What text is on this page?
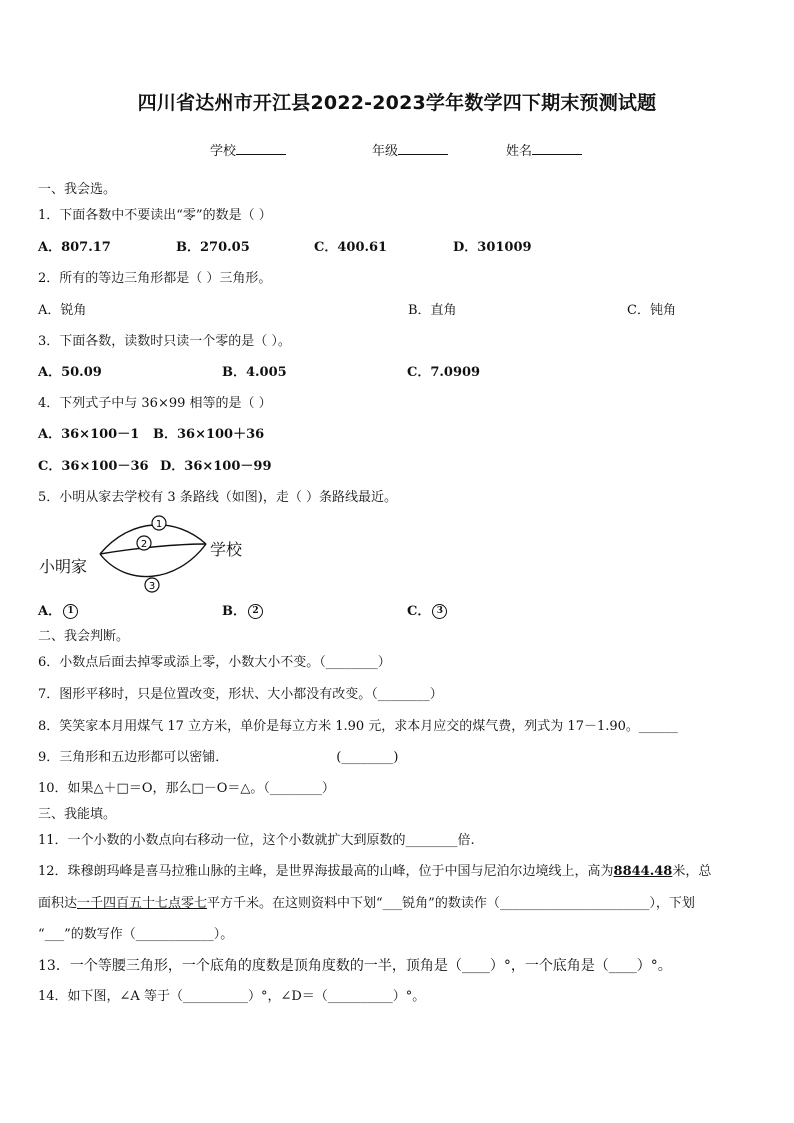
四川省达州市开江县2022-2023学年数学四下期末预测试题
学校	年级	姓名
一、我会选。
1．下面各数中不要读出“零”的数是（ ）
A．807.17	B．270.05	C．400.61	D．301009
2．所有的等边三角形都是（ ）三角形。
A．锐角	B．直角	C．钝角
3．下面各数，读数时只读一个零的是（ ）。
A．50.09	B．4.005	C．7.0909
4．下列式子中与 36×99 相等的是（ ）
A．36×100－1 B．36×100＋36
C．36×100－36 D．36×100－99
5．小明从家去学校有 3 条路线（如图)，走（ ）条路线最近。
1
2
3
小明家
学校
A． 1	B． 2	C． 3
二、我会判断。
6．小数点后面去掉零或添上零，小数大小不变。（________）
7．图形平移时，只是位置改变，形状、大小都没有改变。（________）
8．笑笑家本月用煤气 17 立方米，单价是每立方米 1.90 元，求本月应交的煤气费，列式为 17－1.90。______
9．三角形和五边形都可以密铺．	(________)
10．如果△＋□＝O，那么□－O＝△。（________）
三、我能填。
11．一个小数的小数点向右移动一位，这个小数就扩大到原数的________倍.
12．珠穆朗玛峰是喜马拉雅山脉的主峰，是世界海拔最高的山峰，位于中国与尼泊尔边境线上，高为8844.48米，总
面积达一千四百五十七点零七平方千米。在这则资料中下划“___锐角”的数读作（_______________________），下划
“___”的数写作（____________）。
13．一个等腰三角形，一个底角的度数是顶角度数的一半，顶角是（____）°，一个底角是（____）°。
14．如下图，∠A 等于（__________）°，∠D＝（__________）°。
